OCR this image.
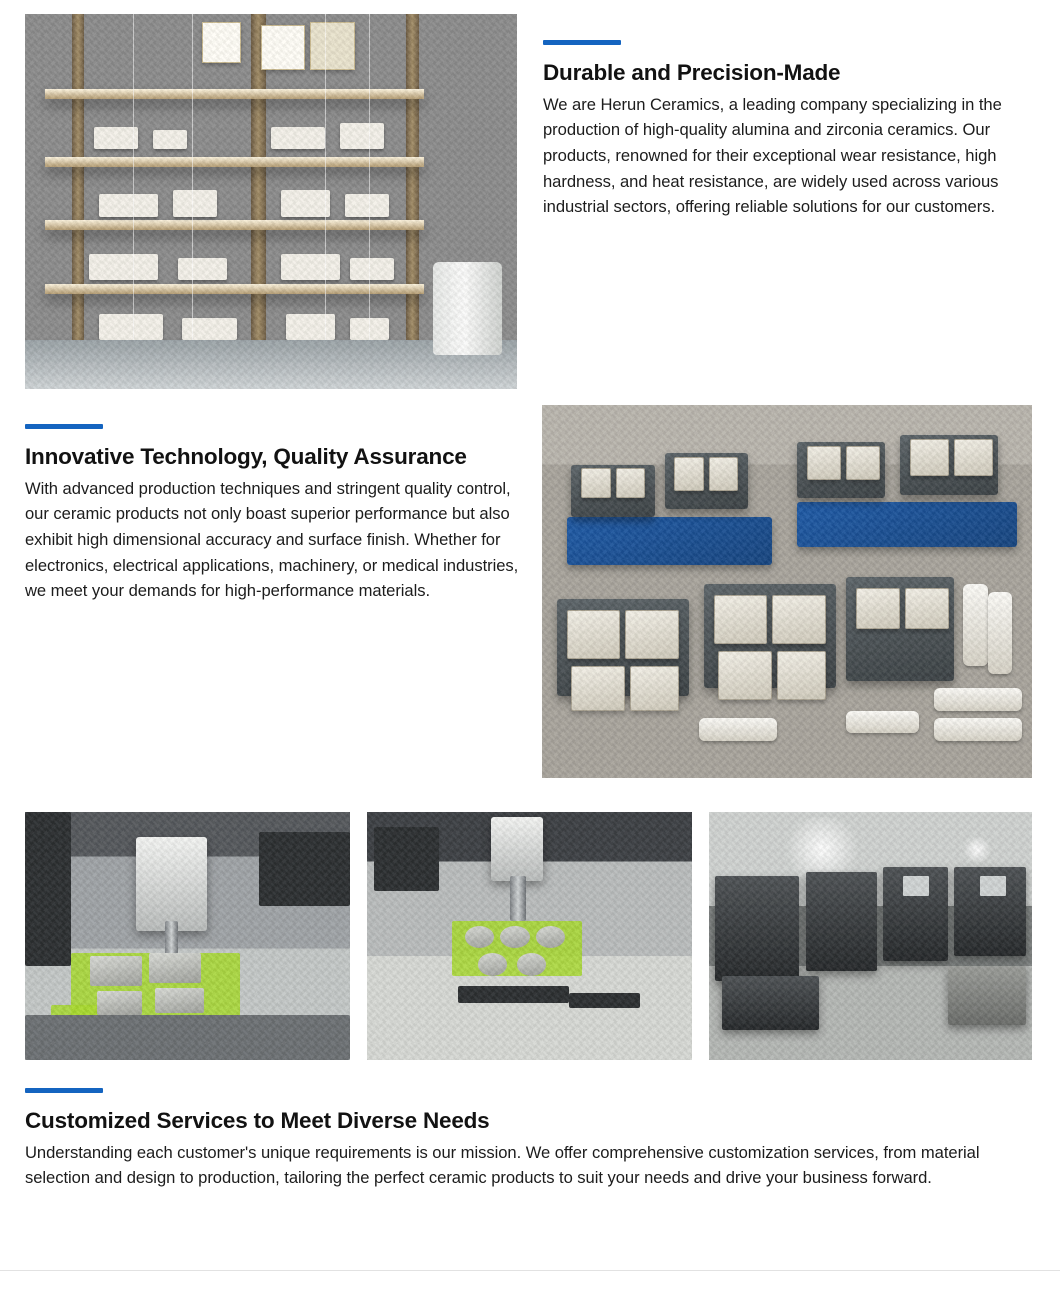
Durable and Precision-Made

We are Herun Ceramics, a leading company specializing in the production of high-quality alumina and zirconia ceramics. Our products, renowned for their exceptional wear resistance, high hardness, and heat resistance, are widely used across various industrial sectors, offering reliable solutions for our customers.

Innovative Technology, Quality Assurance

With advanced production techniques and stringent quality control, our ceramic products not only boast superior performance but also exhibit high dimensional accuracy and surface finish. Whether for electronics, electrical applications, machinery, or medical industries, we meet your demands for high-performance materials.

Customized Services to Meet Diverse Needs

Understanding each customer's unique requirements is our mission. We offer comprehensive customization services, from material selection and design to production, tailoring the perfect ceramic products to suit your needs and drive your business forward.
